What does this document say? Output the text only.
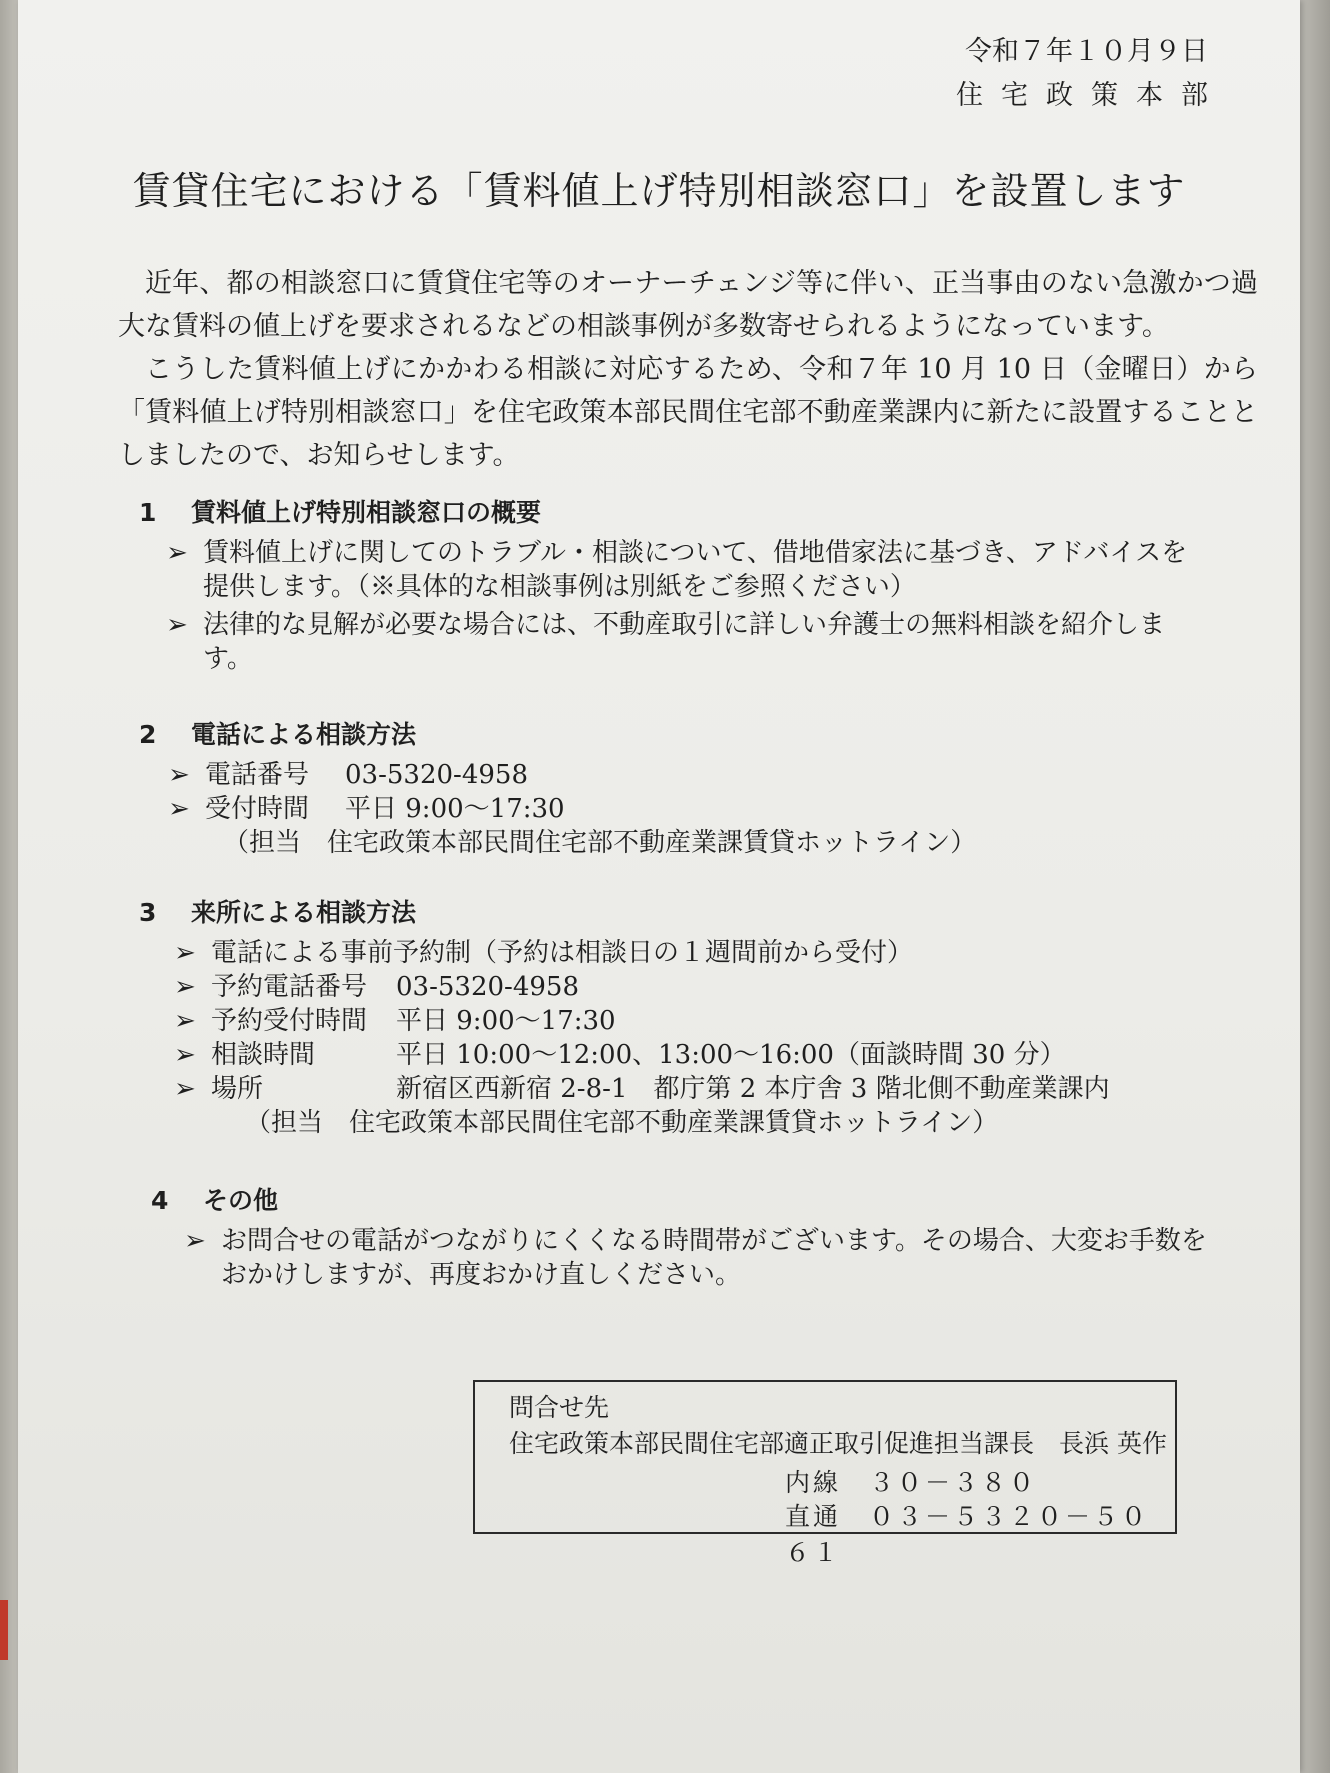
令和７年１０月９日
住宅政策本部
賃貸住宅における「賃料値上げ特別相談窓口」を設置します

近年、都の相談窓口に賃貸住宅等のオーナーチェンジ等に伴い、正当事由のない急激かつ過大な賃料の値上げを要求されるなどの相談事例が多数寄せられるようになっています。

こうした賃料値上げにかかわる相談に対応するため、令和７年 10 月 10 日（金曜日）から「賃料値上げ特別相談窓口」を住宅政策本部民間住宅部不動産業課内に新たに設置することとしましたので、お知らせします。

1 賃料値上げ特別相談窓口の概要
➢ 賃料値上げに関してのトラブル・相談について、借地借家法に基づき、アドバイスを提供します。（※具体的な相談事例は別紙をご参照ください）
➢ 法律的な見解が必要な場合には、不動産取引に詳しい弁護士の無料相談を紹介します。
2 電話による相談方法
➢ 電話番号	03-5320-4958
➢ 受付時間	平日 9:00～17:30
（担当　住宅政策本部民間住宅部不動産業課賃貸ホットライン）
3 来所による相談方法
➢ 電話による事前予約制（予約は相談日の１週間前から受付）
➢ 予約電話番号	03-5320-4958
➢ 予約受付時間	平日 9:00～17:30
➢ 相談時間	平日 10:00～12:00、13:00～16:00（面談時間 30 分）
➢ 場所	新宿区西新宿 2-8-1　都庁第 2 本庁舎 3 階北側不動産業課内
（担当　住宅政策本部民間住宅部不動産業課賃貸ホットライン）
4 その他
➢ お問合せの電話がつながりにくくなる時間帯がございます。その場合、大変お手数をおかけしますが、再度おかけ直しください。
問合せ先
住宅政策本部民間住宅部適正取引促進担当課長　長浜 英作
内線　３０－３８０
直通　０３－５３２０－５０６１
